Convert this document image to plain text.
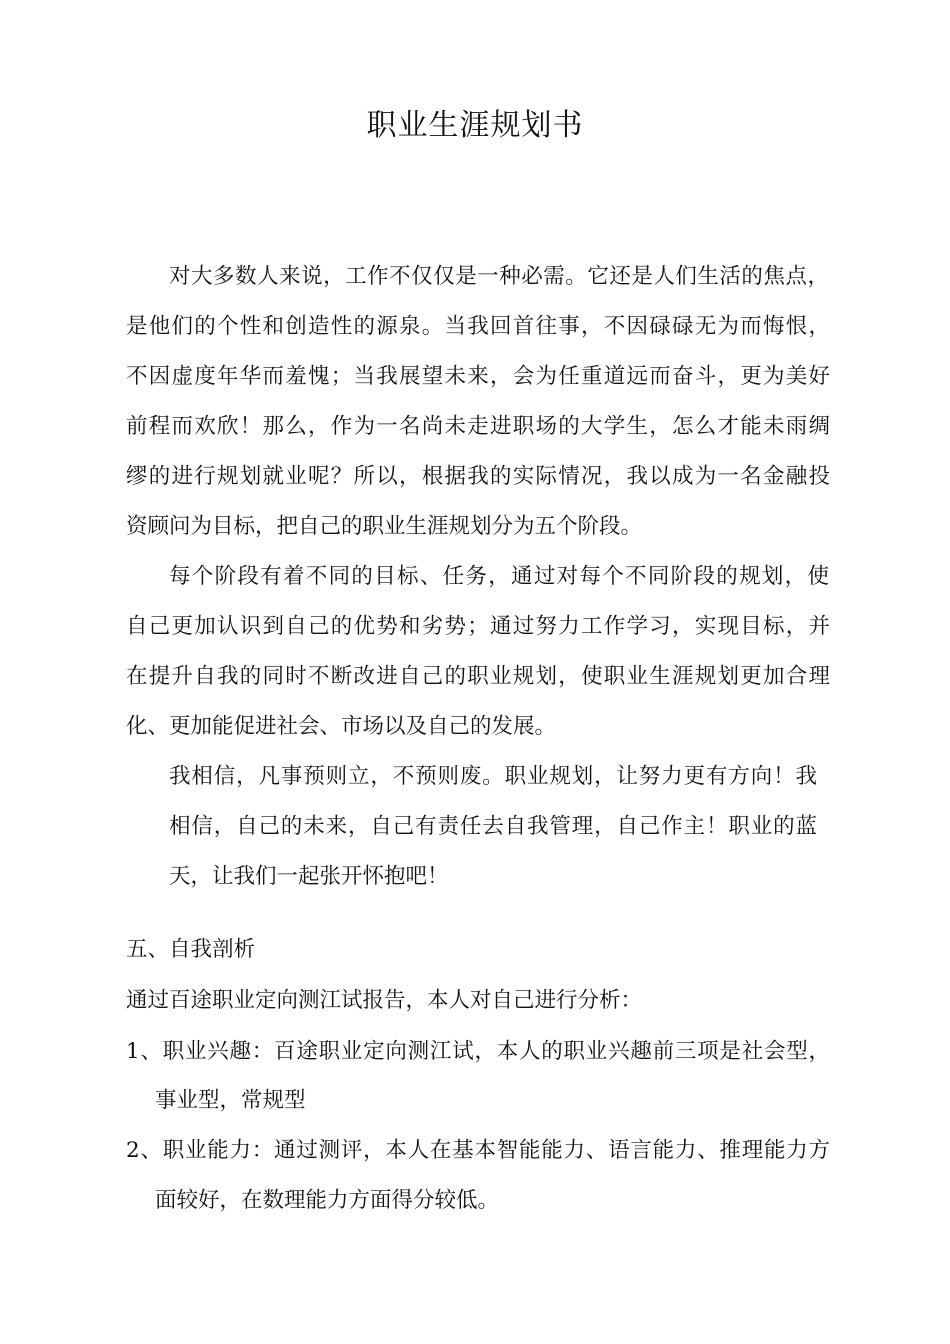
职业生涯规划书

对大多数人来说，工作不仅仅是一种必需。它还是人们生活的焦点，

是他们的个性和创造性的源泉。当我回首往事，不因碌碌无为而悔恨，

不因虚度年华而羞愧；当我展望未来，会为任重道远而奋斗，更为美好

前程而欢欣！那么，作为一名尚未走进职场的大学生，怎么才能未雨绸

缪的进行规划就业呢？所以，根据我的实际情况，我以成为一名金融投

资顾问为目标，把自己的职业生涯规划分为五个阶段。

每个阶段有着不同的目标、任务，通过对每个不同阶段的规划，使

自己更加认识到自己的优势和劣势；通过努力工作学习，实现目标，并

在提升自我的同时不断改进自己的职业规划，使职业生涯规划更加合理

化、更加能促进社会、市场以及自己的发展。

我相信，凡事预则立，不预则废。职业规划，让努力更有方向！我

相信，自己的未来，自己有责任去自我管理，自己作主！职业的蓝

天，让我们一起张开怀抱吧！

五、自我剖析

通过百途职业定向测江试报告，本人对自己进行分析：

1、职业兴趣：百途职业定向测江试，本人的职业兴趣前三项是社会型，

事业型，常规型

2、职业能力：通过测评，本人在基本智能能力、语言能力、推理能力方

面较好，在数理能力方面得分较低。
